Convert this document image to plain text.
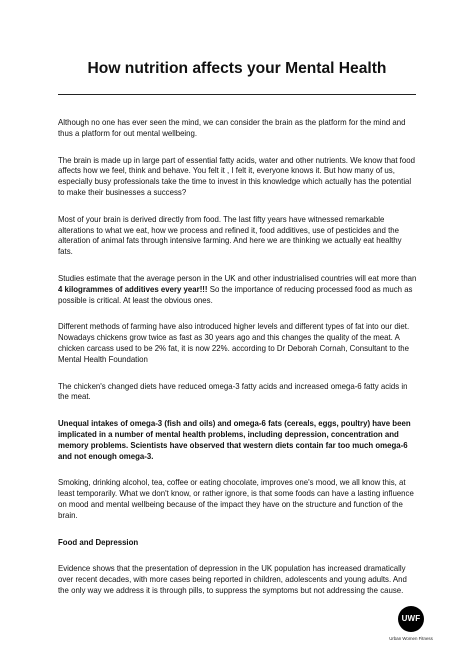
How nutrition affects your Mental Health

Although no one has ever seen the mind, we can consider the brain as the platform for the mind and thus a platform for out mental wellbeing.

The brain is made up in large part of essential fatty acids, water and other nutrients. We know that food affects how we feel, think and behave. You felt it , I felt it, everyone knows it. But how many of us, especially busy professionals take the time to invest in this knowledge which actually has the potential to make their businesses a success?

Most of your brain is derived directly from food. The last fifty years have witnessed remarkable alterations to what we eat, how we process and refined it, food additives, use of pesticides and the alteration of animal fats through intensive farming. And here we are thinking we actually eat healthy fats.

Studies estimate that the average person in the UK and other industrialised countries will eat more than 4 kilogrammes of additives every year!!! So the importance of reducing processed food as much as possible is critical. At least the obvious ones.

Different methods of farming have also introduced higher levels and different types of fat into our diet. Nowadays chickens grow twice as fast as 30 years ago and this changes the quality of the meat. A chicken carcass used to be 2% fat, it is now 22%. according to Dr Deborah Cornah, Consultant to the Mental Health Foundation

The chicken's changed diets have reduced omega-3 fatty acids and increased omega-6 fatty acids in the meat.

Unequal intakes of omega-3 (fish and oils) and omega-6 fats (cereals, eggs, poultry) have been implicated in a number of mental health problems, including depression, concentration and memory problems. Scientists have observed that western diets contain far too much omega-6 and not enough omega-3.

Smoking, drinking alcohol, tea, coffee or eating chocolate, improves one's mood, we all know this, at least temporarily. What we don't know, or rather ignore, is that some foods can have a lasting influence on mood and mental wellbeing because of the impact they have on the structure and function of the brain.

Food and Depression

Evidence shows that the presentation of depression in the UK population has increased dramatically over recent decades, with more cases being reported in children, adolescents and young adults. And the only way we address it is through pills, to suppress the symptoms but not addressing the cause.

UWF
Urban Women Fitness
